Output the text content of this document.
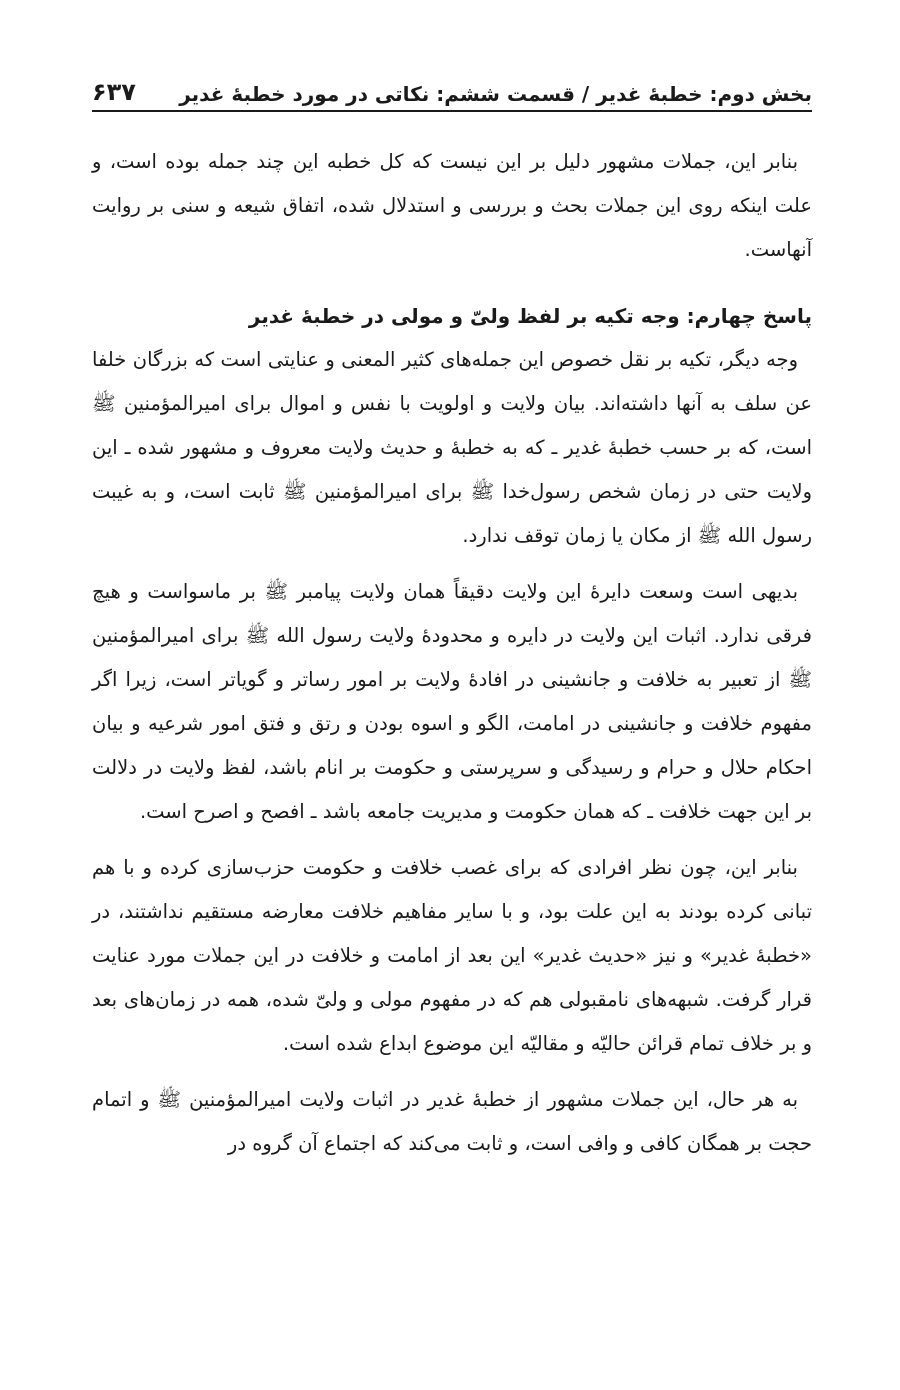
بخش دوم: خطبۀ غدیر / قسمت ششم: نکاتی در مورد خطبۀ غدیر
۶۳۷

بنابر این، جملات مشهور دلیل بر این نیست که کل خطبه این چند جمله بوده است، و علت اینکه روی این جملات بحث و بررسی و استدلال شده، اتفاق شیعه و سنی بر روایت آنهاست.

پاسخ چهارم: وجه تکیه بر لفظ ولیّ و مولی در خطبۀ غدیر

وجه دیگر، تکیه بر نقل خصوص این جمله‌های کثیر المعنی و عنایتی است که بزرگان خلفا عن سلف به آنها داشته‌اند. بیان ولایت و اولویت با نفس و اموال برای امیرالمؤمنین ﷺ است، که بر حسب خطبۀ غدیر ـ که به خطبۀ و حدیث ولایت معروف و مشهور شده ـ این ولایت حتی در زمان شخص رسول‌خدا ﷺ برای امیرالمؤمنین ﷺ ثابت است، و به غیبت رسول الله ﷺ از مکان یا زمان توقف ندارد.

بدیهی است وسعت دایرۀ این ولایت دقیقاً همان ولایت پیامبر ﷺ بر ماسواست و هیچ فرقی ندارد. اثبات این ولایت در دایره و محدودۀ ولایت رسول الله ﷺ برای امیرالمؤمنین ﷺ از تعبیر به خلافت و جانشینی در افادۀ ولایت بر امور رساتر و گویاتر است، زیرا اگر مفهوم خلافت و جانشینی در امامت، الگو و اسوه بودن و رتق و فتق امور شرعیه و بیان احکام حلال و حرام و رسیدگی و سرپرستی و حکومت بر انام باشد، لفظ ولایت در دلالت بر این جهت خلافت ـ که همان حکومت و مدیریت جامعه باشد ـ افصح و اصرح است.

بنابر این، چون نظر افرادی که برای غصب خلافت و حکومت حزب‌سازی کرده و با هم تبانی کرده بودند به این علت بود، و با سایر مفاهیم خلافت معارضه مستقیم نداشتند، در «خطبۀ غدیر» و نیز «حدیث غدیر» این بعد از امامت و خلافت در این جملات مورد عنایت قرار گرفت. شبهه‌های نامقبولی هم که در مفهوم مولی و ولیّ شده، همه در زمان‌های بعد و بر خلاف تمام قرائن حالیّه و مقالیّه این موضوع ابداع شده است.

به هر حال، این جملات مشهور از خطبۀ غدیر در اثبات ولایت امیرالمؤمنین ﷺ و اتمام حجت بر همگان کافی و وافی است، و ثابت می‌کند که اجتماع آن گروه در
